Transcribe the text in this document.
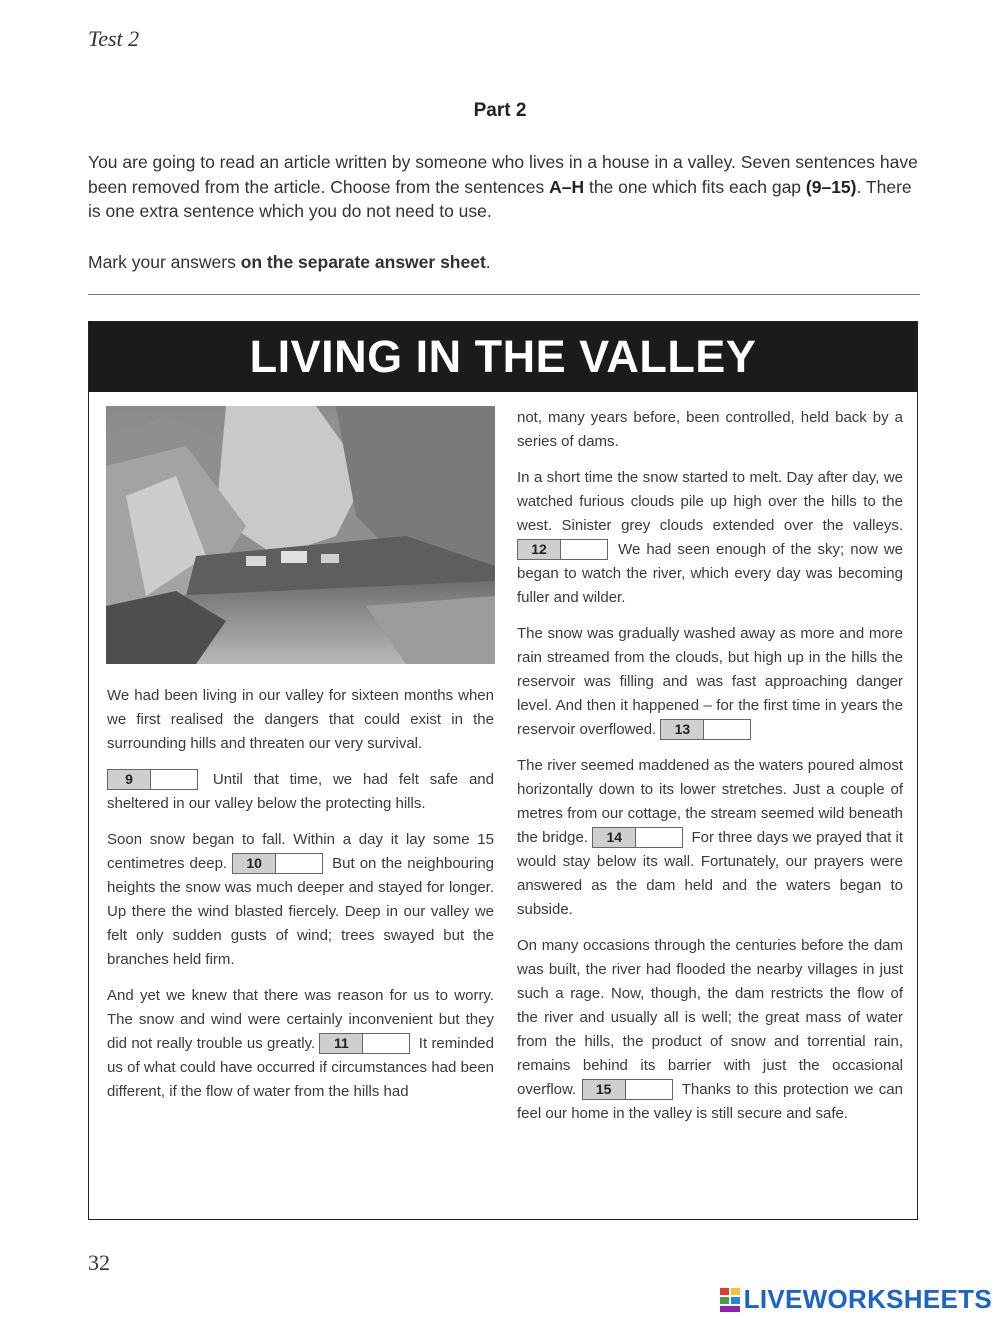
Test 2
Part 2
You are going to read an article written by someone who lives in a house in a valley. Seven sentences have been removed from the article. Choose from the sentences A–H the one which fits each gap (9–15). There is one extra sentence which you do not need to use.
Mark your answers on the separate answer sheet.
LIVING IN THE VALLEY

We had been living in our valley for sixteen months when we first realised the dangers that could exist in the surrounding hills and threaten our very survival.

9	Until that time, we had felt safe and sheltered in our valley below the protecting hills.

Soon snow began to fall. Within a day it lay some 15 centimetres deep.	10	But on the neighbouring heights the snow was much deeper and stayed for longer. Up there the wind blasted fiercely. Deep in our valley we felt only sudden gusts of wind; trees swayed but the branches held firm.

And yet we knew that there was reason for us to worry. The snow and wind were certainly inconvenient but they did not really trouble us greatly.	11	It reminded us of what could have occurred if circumstances had been different, if the flow of water from the hills had

not, many years before, been controlled, held back by a series of dams.

In a short time the snow started to melt. Day after day, we watched furious clouds pile up high over the hills to the west. Sinister grey clouds extended over the valleys.
12	We had seen enough of the sky; now we began to watch the river, which every day was becoming fuller and wilder.

The snow was gradually washed away as more and more rain streamed from the clouds, but high up in the hills the reservoir was filling and was fast approaching danger level. And then it happened – for the first time in years the reservoir overflowed.	13

The river seemed maddened as the waters poured almost horizontally down to its lower stretches. Just a couple of metres from our cottage, the stream seemed wild beneath the bridge.	14	For three days we prayed that it would stay below its wall. Fortunately, our prayers were answered as the dam held and the waters began to subside.

On many occasions through the centuries before the dam was built, the river had flooded the nearby villages in just such a rage. Now, though, the dam restricts the flow of the river and usually all is well; the great mass of water from the hills, the product of snow and torrential rain, remains behind its barrier with just the occasional overflow.	15	Thanks to this protection we can feel our home in the valley is still secure and safe.

32
LIVEWORKSHEETS
